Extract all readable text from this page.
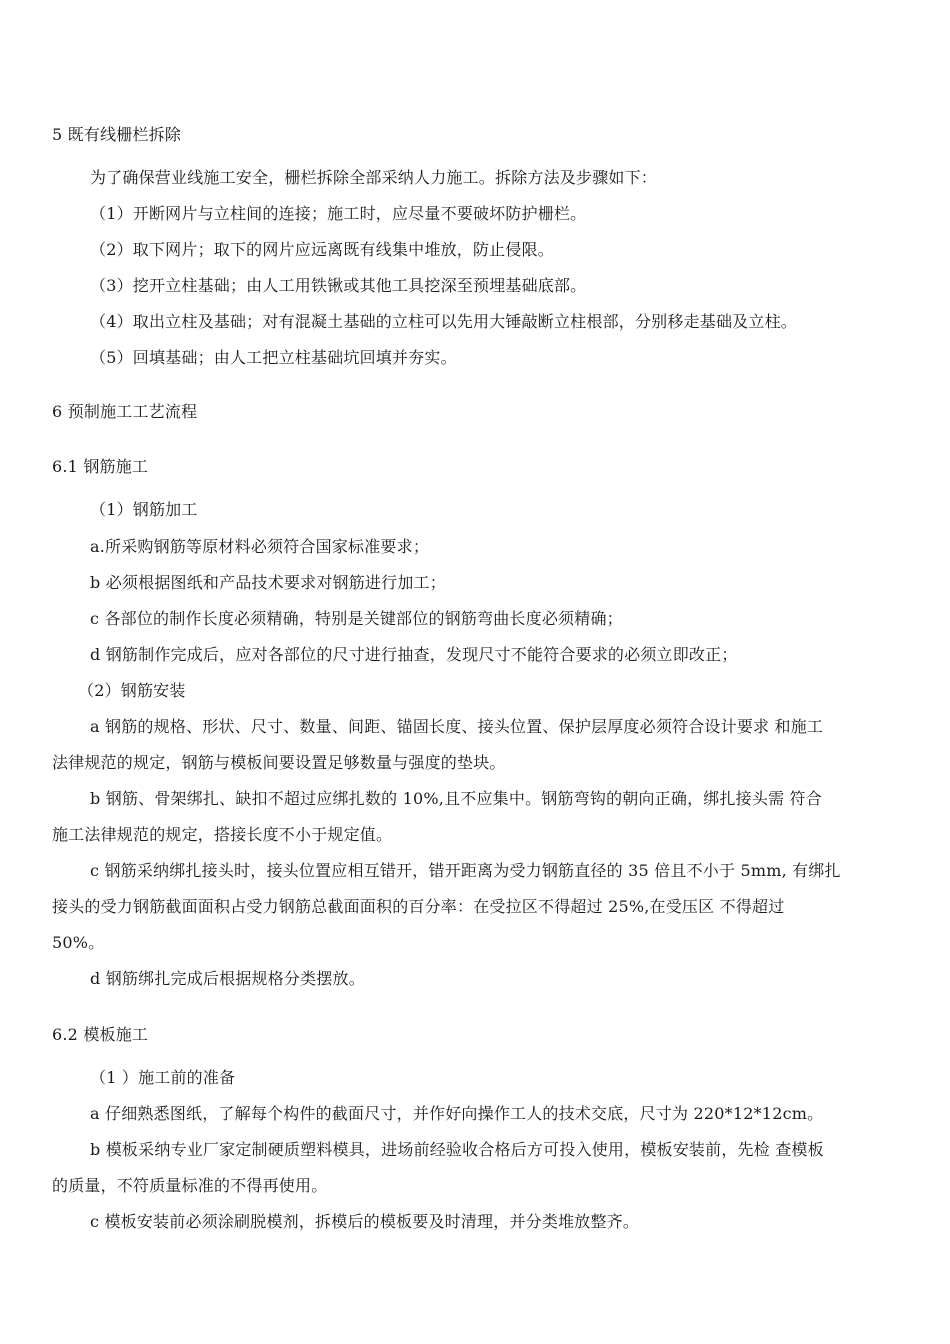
5 既有线栅栏拆除
为了确保营业线施工安全，栅栏拆除全部采纳人力施工。拆除方法及步骤如下：
（1）开断网片与立柱间的连接；施工时，应尽量不要破坏防护栅栏。
（2）取下网片；取下的网片应远离既有线集中堆放，防止侵限。
（3）挖开立柱基础；由人工用铁锹或其他工具挖深至预埋基础底部。
（4）取出立柱及基础；对有混凝土基础的立柱可以先用大锤敲断立柱根部，分别移走基础及立柱。
（5）回填基础；由人工把立柱基础坑回填并夯实。
6 预制施工工艺流程
6.1 钢筋施工
（1）钢筋加工
a.所采购钢筋等原材料必须符合国家标准要求；
b 必须根据图纸和产品技术要求对钢筋进行加工；
c 各部位的制作长度必须精确，特别是关键部位的钢筋弯曲长度必须精确；
d 钢筋制作完成后，应对各部位的尺寸进行抽查，发现尺寸不能符合要求的必须立即改正；
（2）钢筋安装
a 钢筋的规格、形状、尺寸、数量、间距、锚固长度、接头位置、保护层厚度必须符合设计要求 和施工
法律规范的规定，钢筋与模板间要设置足够数量与强度的垫块。
b 钢筋、骨架绑扎、缺扣不超过应绑扎数的 10%,且不应集中。钢筋弯钩的朝向正确，绑扎接头需 符合
施工法律规范的规定，搭接长度不小于规定值。
c 钢筋采纳绑扎接头时，接头位置应相互错开，错开距离为受力钢筋直径的 35 倍且不小于 5mm, 有绑扎
接头的受力钢筋截面面积占受力钢筋总截面面积的百分率：在受拉区不得超过 25%,在受压区 不得超过
50%。
d 钢筋绑扎完成后根据规格分类摆放。
6.2 模板施工
（1 ）施工前的准备
a 仔细熟悉图纸，了解每个构件的截面尺寸，并作好向操作工人的技术交底，尺寸为 220*12*12cm。
b 模板采纳专业厂家定制硬质塑料模具，进场前经验收合格后方可投入使用，模板安装前，先检 查模板
的质量，不符质量标准的不得再使用。
c 模板安装前必须涂刷脱模剂，拆模后的模板要及时清理，并分类堆放整齐。
